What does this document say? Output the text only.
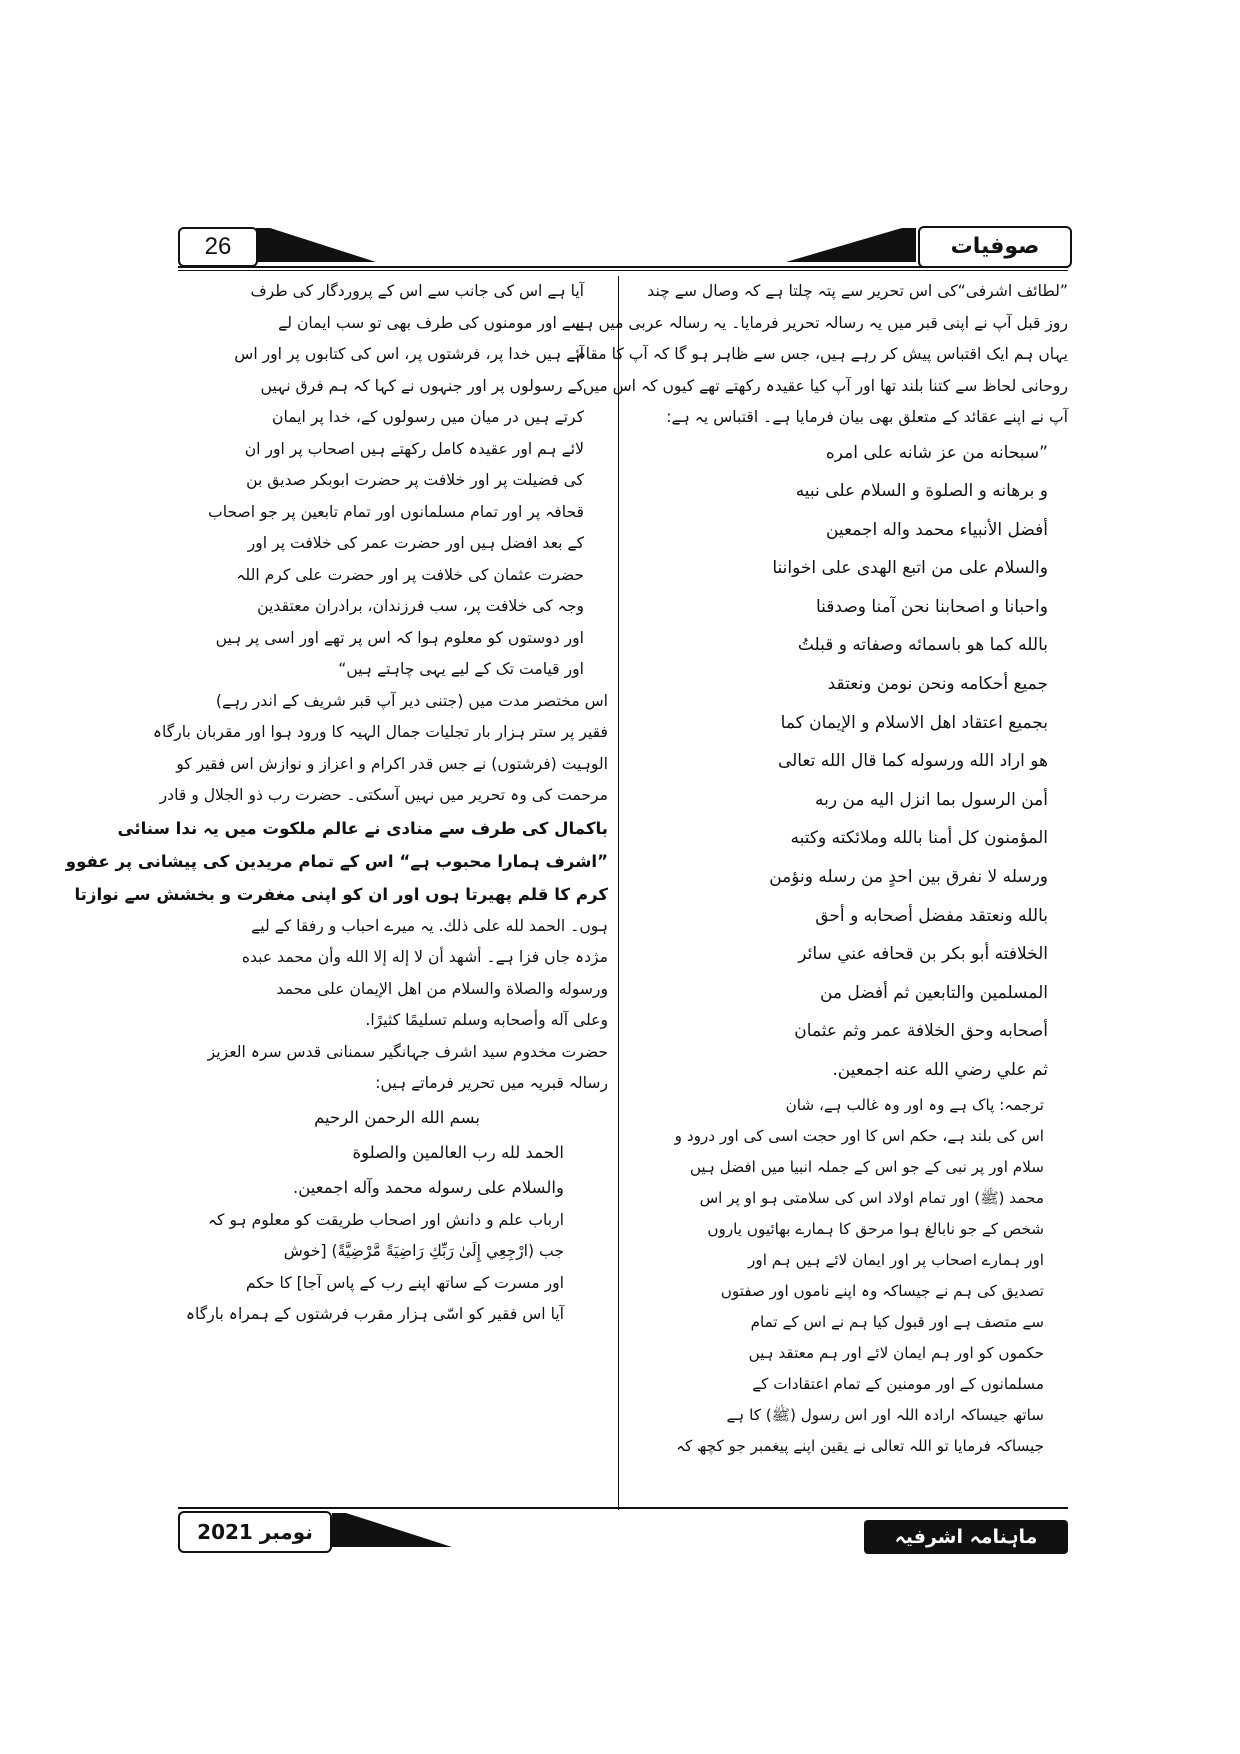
26	صوفیات

”لطائف اشرفی“کی اس تحریر سے پتہ چلتا ہے کہ وصال سے چند

روز قبل آپ نے اپنی قبر میں یہ رسالہ تحریر فرمایا۔ یہ رسالہ عربی میں ہے،

یہاں ہم ایک اقتباس پیش کر رہے ہیں، جس سے ظاہر ہو گا کہ آپ کا مقام

روحانی لحاظ سے کتنا بلند تھا اور آپ کیا عقیدہ رکھتے تھے کیوں کہ اس میں

آپ نے اپنے عقائد کے متعلق بھی بیان فرمایا ہے۔ اقتباس یہ ہے:

”سبحانه من عز شانه على امره

و برهانه و الصلوة و السلام على نبيه

أفضل الأنبياء محمد واله اجمعين

والسلام على من اتبع الهدى على اخواننا

واحبانا و اصحابنا نحن آمنا وصدقنا

بالله كما هو باسمائه وصفاته و قبلتُ

جميع أحكامه ونحن نومن ونعتقد

بجميع اعتقاد اهل الاسلام و الإيمان كما

هو اراد الله ورسوله كما قال الله تعالى

أمن الرسول بما انزل اليه من ربه

المؤمنون كل أمنا بالله وملائكته وكتبه

ورسله لا نفرق بين احدٍ من رسله ونؤمن

بالله ونعتقد مفضل أصحابه و أحق

الخلافته أبو بكر بن قحافه عني سائر

المسلمين والتابعين ثم أفضل من

أصحابه وحق الخلافة عمر وثم عثمان

ثم علي رضي الله عنه اجمعين.

ترجمہ: پاک ہے وہ اور وہ غالب ہے، شان

اس کی بلند ہے، حکم اس کا اور حجت اسی کی اور درود و

سلام اور پر نبی کے جو اس کے جملہ انبیا میں افضل ہیں

محمد (ﷺ) اور تمام اولاد اس کی سلامتی ہو او پر اس

شخص کے جو نابالغ ہوا مرحق کا ہمارے بھائیوں یاروں

اور ہمارے اصحاب پر اور ایمان لائے ہیں ہم اور

تصدیق کی ہم نے جیساکہ وہ اپنے ناموں اور صفتوں

سے متصف ہے اور قبول کیا ہم نے اس کے تمام

حکموں کو اور ہم ایمان لائے اور ہم معتقد ہیں

مسلمانوں کے اور مومنین کے تمام اعتقادات کے

ساتھ جیساکہ ارادہ اللہ اور اس رسول (ﷺ) کا ہے

جیساکہ فرمایا تو اللہ تعالی نے یقین اپنے پیغمبر جو کچھ کہ

آیا ہے اس کی جانب سے اس کے پروردگار کی طرف

سے اور مومنوں کی طرف بھی تو سب ایمان لے

آئے ہیں خدا پر، فرشتوں پر، اس کی کتابوں پر اور اس

کے رسولوں پر اور جنہوں نے کہا کہ ہم فرق نہیں

کرتے ہیں در میان میں رسولوں کے، خدا پر ایمان

لائے ہم اور عقیدہ کامل رکھتے ہیں اصحاب پر اور ان

کی فضیلت پر اور خلافت پر حضرت ابوبکر صدیق بن

قحافہ پر اور تمام مسلمانوں اور تمام تابعین پر جو اصحاب

کے بعد افضل ہیں اور حضرت عمر کی خلافت پر اور

حضرت عثمان کی خلافت پر اور حضرت علی کرم اللہ

وجہ کی خلافت پر، سب فرزندان، برادران معتقدین

اور دوستوں کو معلوم ہوا کہ اس پر تھے اور اسی پر ہیں

اور قیامت تک کے لیے یہی چاہتے ہیں“

اس مختصر مدت میں (جتنی دیر آپ قبر شریف کے اندر رہے)

فقیر پر ستر ہزار بار تجلیات جمال الہیہ کا ورود ہوا اور مقربان بارگاہ

الوہیت (فرشتوں) نے جس قدر اکرام و اعزاز و نوازش اس فقیر کو

مرحمت کی وہ تحریر میں نہیں آسکتی۔ حضرت رب ذو الجلال و قادر

باکمال کی طرف سے منادی نے عالم ملکوت میں یہ ندا سنائی

”اشرف ہمارا محبوب ہے“ اس کے تمام مریدین کی پیشانی پر عفوو

کرم کا قلم پھیرتا ہوں اور ان کو اپنی مغفرت و بخشش سے نوازتا

ہوں۔ الحمد لله على ذلك. یہ میرے احباب و رفقا کے لیے

مژدہ جاں فزا ہے۔ أشهد أن لا إله إلا الله وأن محمد عبده

ورسوله والصلاة والسلام من اهل الإيمان على محمد

وعلى آله وأصحابه وسلم تسليمًا كثيرًا.

حضرت مخدوم سید اشرف جہانگیر سمنانی قدس سرہ العزیز

رسالہ قبریہ میں تحریر فرماتے ہیں:

بسم الله الرحمن الرحيم

الحمد لله رب العالمين والصلوة

والسلام على رسوله محمد وآله اجمعين.

ارباب علم و دانش اور اصحاب طریقت کو معلوم ہو کہ

جب (ارْجِعِي إِلَىٰ رَبِّكِ رَاضِيَةً مَّرْضِيَّةً) [خوش

اور مسرت کے ساتھ اپنے رب کے پاس آجا] کا حکم

آیا اس فقیر کو اسّی ہزار مقرب فرشتوں کے ہمراہ بارگاہ

نومبر 2021	ماہنامہ اشرفیہ
